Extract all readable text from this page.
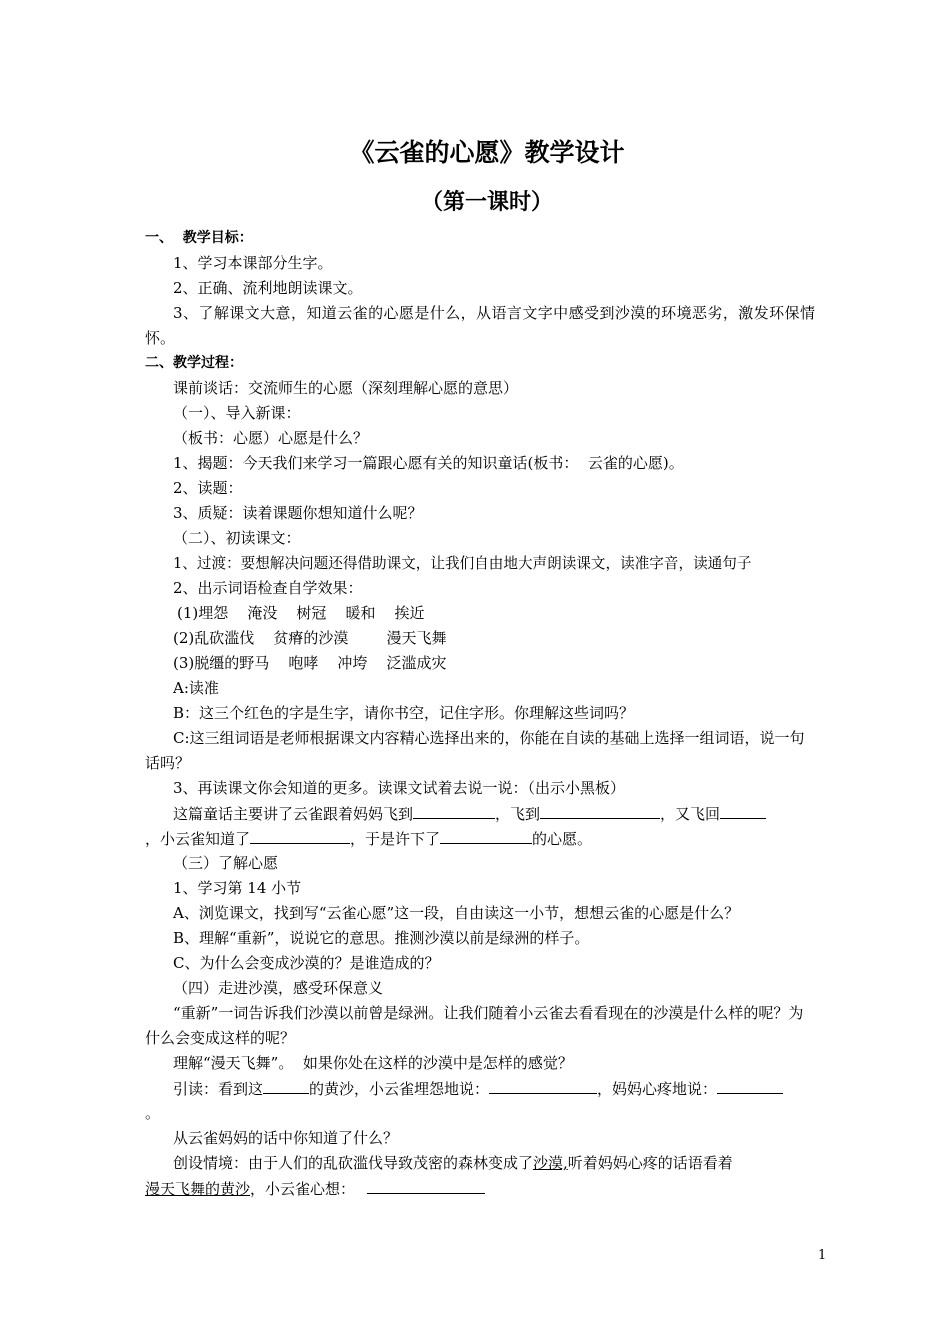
《云雀的心愿》教学设计
（第一课时）
一、  教学目标：
1、学习本课部分生字。
2、正确、流利地朗读课文。
3、了解课文大意，知道云雀的心愿是什么，从语言文字中感受到沙漠的环境恶劣，激发环保情怀。
二、教学过程：
课前谈话：交流师生的心愿（深刻理解心愿的意思）
（一）、导入新课：
（板书：心愿）心愿是什么？
1、揭题：今天我们来学习一篇跟心愿有关的知识童话(板书：  云雀的心愿)。
2、读题：
3、质疑：读着课题你想知道什么呢？
（二）、初读课文：
1、过渡：要想解决问题还得借助课文，让我们自由地大声朗读课文，读准字音，读通句子
2、出示词语检查自学效果：
(1)埋怨    淹没    树冠    暖和    挨近
(2)乱砍滥伐    贫瘠的沙漠        漫天飞舞
(3)脱缰的野马    咆哮    冲垮    泛滥成灾
A:读准
B：这三个红色的字是生字，请你书空，记住字形。你理解这些词吗？
C:这三组词语是老师根据课文内容精心选择出来的，你能在自读的基础上选择一组词语，说一句话吗？
3、再读课文你会知道的更多。读课文试着去说一说：（出示小黑板）
这篇童话主要讲了云雀跟着妈妈飞到	，飞到	，又飞回
，小云雀知道了	，于是许下了	的心愿。
（三）了解心愿
1、学习第 14 小节
A、浏览课文，找到写“云雀心愿”这一段，自由读这一小节，想想云雀的心愿是什么？
B、理解“重新”，说说它的意思。推测沙漠以前是绿洲的样子。
C、为什么会变成沙漠的？是谁造成的？
（四）走进沙漠，感受环保意义
“重新”一词告诉我们沙漠以前曾是绿洲。让我们随着小云雀去看看现在的沙漠是什么样的呢？为什么会变成这样的呢？
理解“漫天飞舞”。  如果你处在这样的沙漠中是怎样的感觉？
引读：看到这	的黄沙，小云雀埋怨地说：	，妈妈心疼地说：
。
从云雀妈妈的话中你知道了什么？
创设情境：由于人们的乱砍滥伐导致茂密的森林变成了沙漠,听着妈妈心疼的话语看着
漫天飞舞的黄沙，小云雀心想：
1
